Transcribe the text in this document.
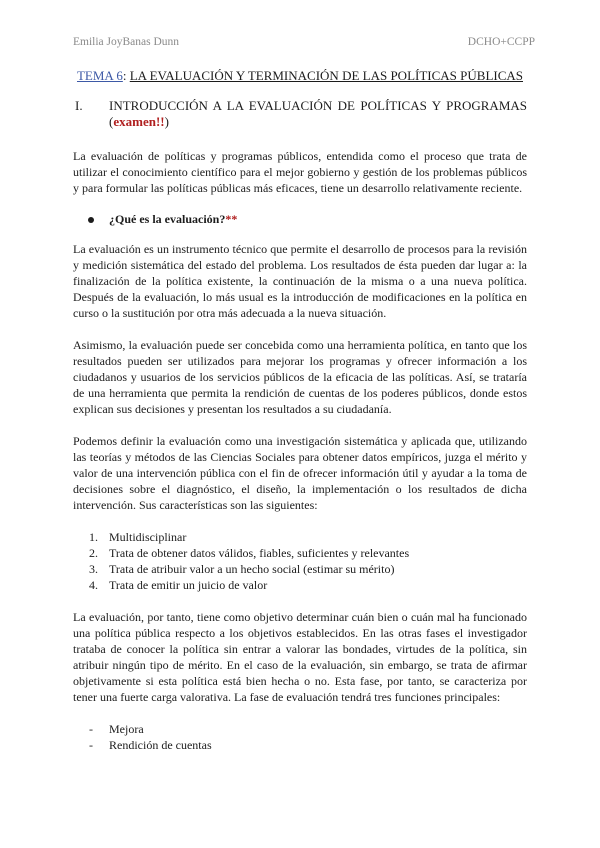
Emilia JoyBanas Dunn	DCHO+CCPP
TEMA 6: LA EVALUACIÓN Y TERMINACIÓN DE LAS POLÍTICAS PÚBLICAS
I.	INTRODUCCIÓN A LA EVALUACIÓN DE POLÍTICAS Y PROGRAMAS (examen!!)

La evaluación de políticas y programas públicos, entendida como el proceso que trata de utilizar el conocimiento científico para el mejor gobierno y gestión de los problemas públicos y para formular las políticas públicas más eficaces, tiene un desarrollo relativamente reciente.

¿Qué es la evaluación? **

La evaluación es un instrumento técnico que permite el desarrollo de procesos para la revisión y medición sistemática del estado del problema. Los resultados de ésta pueden dar lugar a: la finalización de la política existente, la continuación de la misma o a una nueva política. Después de la evaluación, lo más usual es la introducción de modificaciones en la política en curso o la sustitución por otra más adecuada a la nueva situación.

Asimismo, la evaluación puede ser concebida como una herramienta política, en tanto que los resultados pueden ser utilizados para mejorar los programas y ofrecer información a los ciudadanos y usuarios de los servicios públicos de la eficacia de las políticas. Así, se trataría de una herramienta que permita la rendición de cuentas de los poderes públicos, donde estos explican sus decisiones y presentan los resultados a su ciudadanía.

Podemos definir la evaluación como una investigación sistemática y aplicada que, utilizando las teorías y métodos de las Ciencias Sociales para obtener datos empíricos, juzga el mérito y valor de una intervención pública con el fin de ofrecer información útil y ayudar a la toma de decisiones sobre el diagnóstico, el diseño, la implementación o los resultados de dicha intervención. Sus características son las siguientes:

1. Multidisciplinar
2. Trata de obtener datos válidos, fiables, suficientes y relevantes
3. Trata de atribuir valor a un hecho social (estimar su mérito)
4. Trata de emitir un juicio de valor

La evaluación, por tanto, tiene como objetivo determinar cuán bien o cuán mal ha funcionado una política pública respecto a los objetivos establecidos. En las otras fases el investigador trataba de conocer la política sin entrar a valorar las bondades, virtudes de la política, sin atribuir ningún tipo de mérito. En el caso de la evaluación, sin embargo, se trata de afirmar objetivamente si esta política está bien hecha o no. Esta fase, por tanto, se caracteriza por tener una fuerte carga valorativa. La fase de evaluación tendrá tres funciones principales:

-	Mejora
-	Rendición de cuentas
